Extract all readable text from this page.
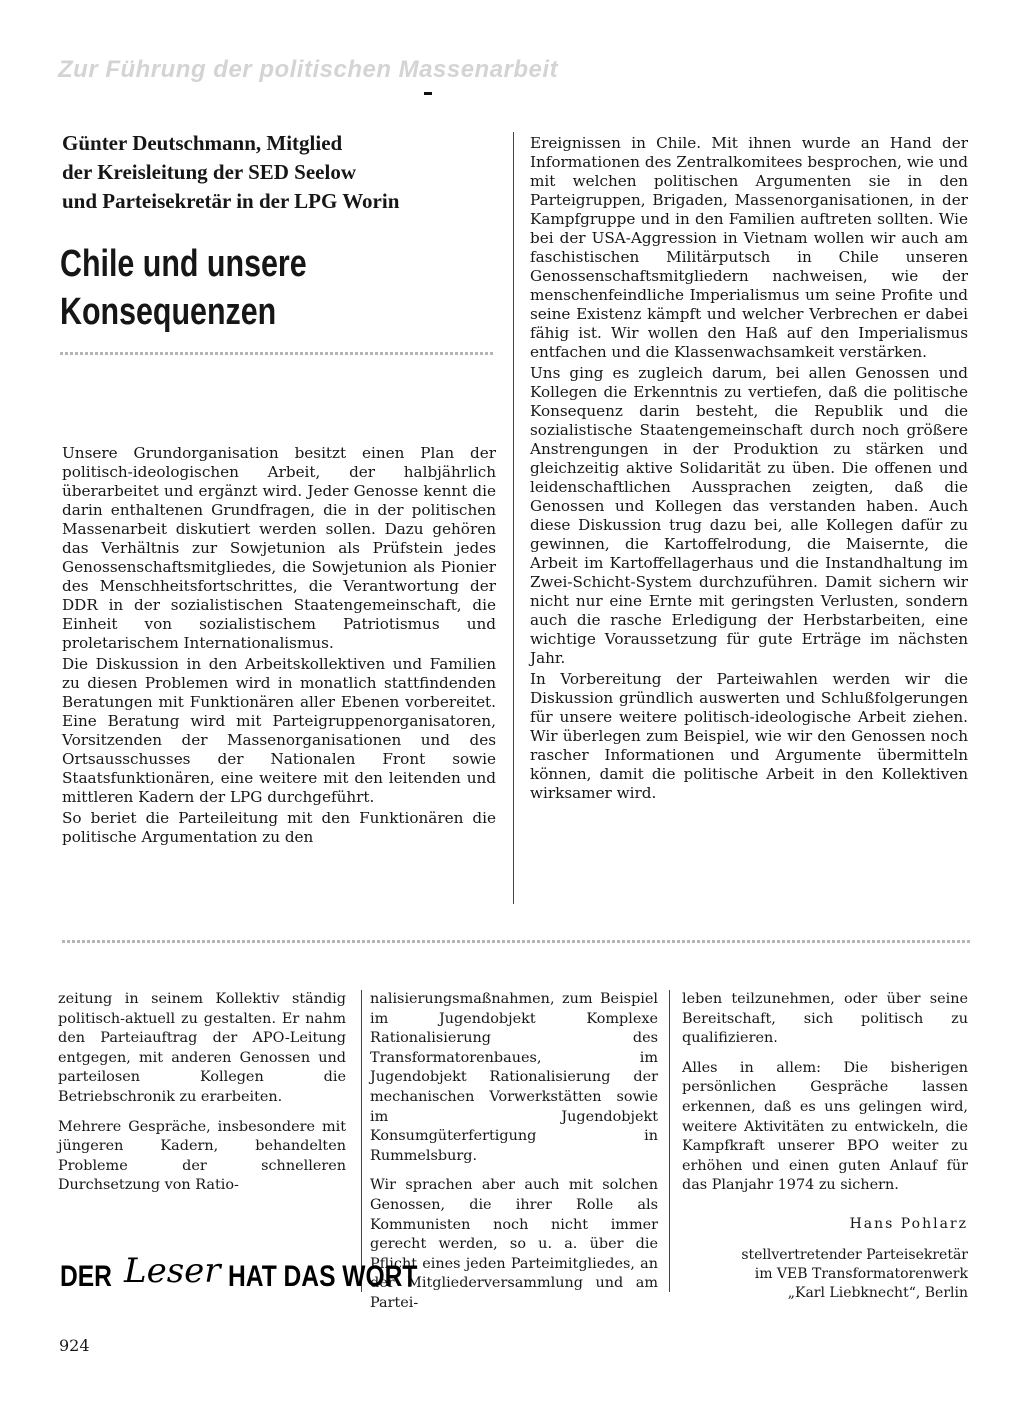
Zur Führung der politischen Massenarbeit
Günter Deutschmann, Mitglied
der Kreisleitung der SED Seelow
und Parteisekretär in der LPG Worin
Chile und unsere
Konsequenzen

Unsere Grundorganisation besitzt einen Plan der politisch-ideologischen Arbeit, der halbjährlich überarbeitet und ergänzt wird. Jeder Genosse kennt die darin enthaltenen Grundfragen, die in der politischen Massenarbeit diskutiert werden sollen. Dazu gehören das Verhältnis zur Sowjetunion als Prüfstein jedes Genossenschaftsmitgliedes, die Sowjetunion als Pionier des Menschheitsfortschrittes, die Verantwortung der DDR in der sozialistischen Staatengemeinschaft, die Einheit von sozialistischem Patriotismus und proletarischem Internationalismus.

Die Diskussion in den Arbeitskollektiven und Familien zu diesen Problemen wird in monatlich stattfindenden Beratungen mit Funktionären aller Ebenen vorbereitet. Eine Beratung wird mit Parteigruppenorganisatoren, Vorsitzenden der Massenorganisationen und des Ortsausschusses der Nationalen Front sowie Staatsfunktionären, eine weitere mit den leitenden und mittleren Kadern der LPG durchgeführt.

So beriet die Parteileitung mit den Funktionären die politische Argumentation zu den

Ereignissen in Chile. Mit ihnen wurde an Hand der Informationen des Zentralkomitees besprochen, wie und mit welchen politischen Argumenten sie in den Parteigruppen, Brigaden, Massenorganisationen, in der Kampfgruppe und in den Familien auftreten sollten. Wie bei der USA-Aggression in Vietnam wollen wir auch am faschistischen Militärputsch in Chile unseren Genossenschaftsmitgliedern nachweisen, wie der menschenfeindliche Imperialismus um seine Profite und seine Existenz kämpft und welcher Verbrechen er dabei fähig ist. Wir wollen den Haß auf den Imperialismus entfachen und die Klassenwachsamkeit verstärken.

Uns ging es zugleich darum, bei allen Genossen und Kollegen die Erkenntnis zu vertiefen, daß die politische Konsequenz darin besteht, die Republik und die sozialistische Staatengemeinschaft durch noch größere Anstrengungen in der Produktion zu stärken und gleichzeitig aktive Solidarität zu üben. Die offenen und leidenschaftlichen Aussprachen zeigten, daß die Genossen und Kollegen das verstanden haben. Auch diese Diskussion trug dazu bei, alle Kollegen dafür zu gewinnen, die Kartoffelrodung, die Maisernte, die Arbeit im Kartoffellagerhaus und die Instandhaltung im Zwei-Schicht-System durchzuführen. Damit sichern wir nicht nur eine Ernte mit geringsten Verlusten, sondern auch die rasche Erledigung der Herbstarbeiten, eine wichtige Voraussetzung für gute Erträge im nächsten Jahr.

In Vorbereitung der Parteiwahlen werden wir die Diskussion gründlich auswerten und Schlußfolgerungen für unsere weitere politisch-ideologische Arbeit ziehen. Wir überlegen zum Beispiel, wie wir den Genossen noch rascher Informationen und Argumente übermitteln können, damit die politische Arbeit in den Kollektiven wirksamer wird.

zeitung in seinem Kollektiv ständig politisch-aktuell zu gestalten. Er nahm den Parteiauftrag der APO-Leitung entgegen, mit anderen Genossen und parteilosen Kollegen die Betriebschronik zu erarbeiten.

Mehrere Gespräche, insbesondere mit jüngeren Kadern, behandelten Probleme der schnelleren Durchsetzung von Ratio-

nalisierungsmaßnahmen, zum Beispiel im Jugendobjekt Komplexe Rationalisierung des Transformatorenbaues, im Jugendobjekt Rationalisierung der mechanischen Vorwerkstätten sowie im Jugendobjekt Konsumgüterfertigung in Rummelsburg.

Wir sprachen aber auch mit solchen Genossen, die ihrer Rolle als Kommunisten noch nicht immer gerecht werden, so u. a. über die Pflicht eines jeden Parteimitgliedes, an der Mitgliederversammlung und am Partei-

leben teilzunehmen, oder über seine Bereitschaft, sich politisch zu qualifizieren.

Alles in allem: Die bisherigen persönlichen Gespräche lassen erkennen, daß es uns gelingen wird, weitere Aktivitäten zu entwickeln, die Kampfkraft unserer BPO weiter zu erhöhen und einen guten Anlauf für das Planjahr 1974 zu sichern.

Hans Pohlarz
stellvertretender Parteisekretär
im VEB Transformatorenwerk
„Karl Liebknecht“, Berlin
DER Leser HAT DAS WORT
924
